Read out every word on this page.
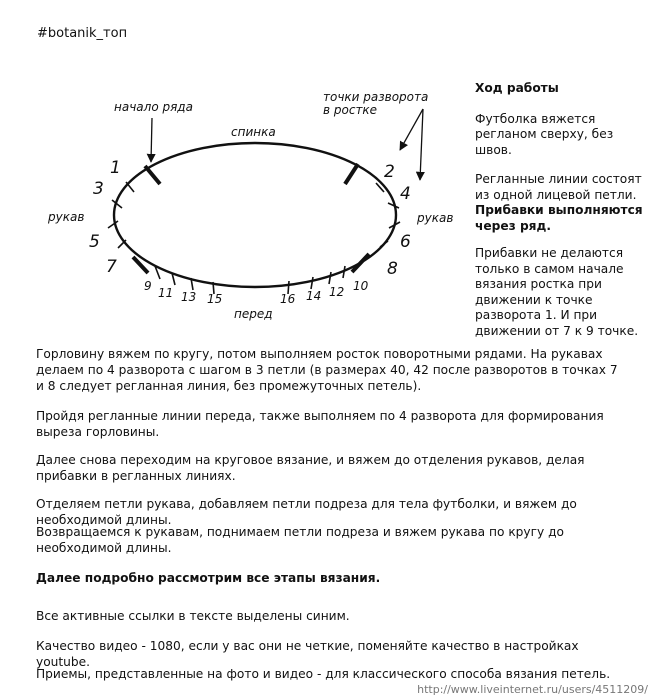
#botanik_топ
начало ряда
точки разворота
в ростке
спинка
перед
рукав	рукав
1	2
3	4
5	6
7	8
9	10
11	12
13	14
15	16

Ход работы

Футболка вяжется регланом сверху, без швов.

Регланные линии состоят из одной лицевой петли. Прибавки выполняются через ряд.

Прибавки не делаются только в самом начале вязания ростка при движении к точке разворота 1. И при движении от 7 к 9 точке.

Горловину вяжем по кругу, потом выполняем росток поворотными рядами. На рукавах делаем по 4 разворота с шагом в 3 петли (в размерах 40, 42 после разворотов в точках 7 и 8 следует регланная линия, без промежуточных петель).

Пройдя регланные линии переда, также выполняем по 4 разворота для формирования выреза горловины.

Далее снова переходим на круговое вязание, и вяжем до отделения рукавов, делая прибавки в регланных линиях.

Отделяем петли рукава, добавляем петли подреза для тела футболки, и вяжем до необходимой длины.

Возвращаемся к рукавам, поднимаем петли подреза и вяжем рукава по кругу до необходимой длины.

Далее подробно рассмотрим все этапы вязания.

Все активные ссылки в тексте выделены синим.

Качество видео - 1080, если у вас они не четкие, поменяйте качество в настройках youtube.

Приемы, представленные на фото и видео - для классического способа вязания петель.

http://www.liveinternet.ru/users/4511209/
